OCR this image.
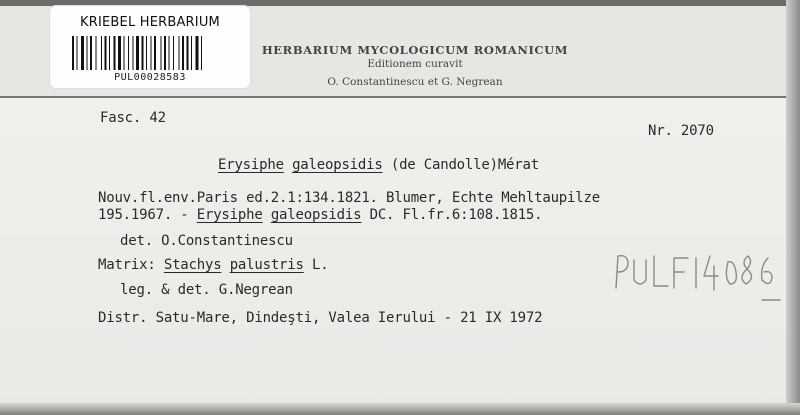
KRIEBEL HERBARIUM
PUL00028583
HERBARIUM MYCOLOGICUM ROMANICUM
Editionem curavit
O. Constantinescu et G. Negrean
Fasc. 42
Nr. 2070
Erysiphe galeopsidis (de Candolle)Mérat
Nouv.fl.env.Paris ed.2.1:134.1821. Blumer, Echte Mehltaupilze
195.1967. - Erysiphe galeopsidis DC. Fl.fr.6:108.1815.
det. O.Constantinescu
Matrix: Stachys palustris L.
leg. & det. G.Negrean
Distr. Satu-Mare, Dindeşti, Valea Ierului - 21 IX 1972
